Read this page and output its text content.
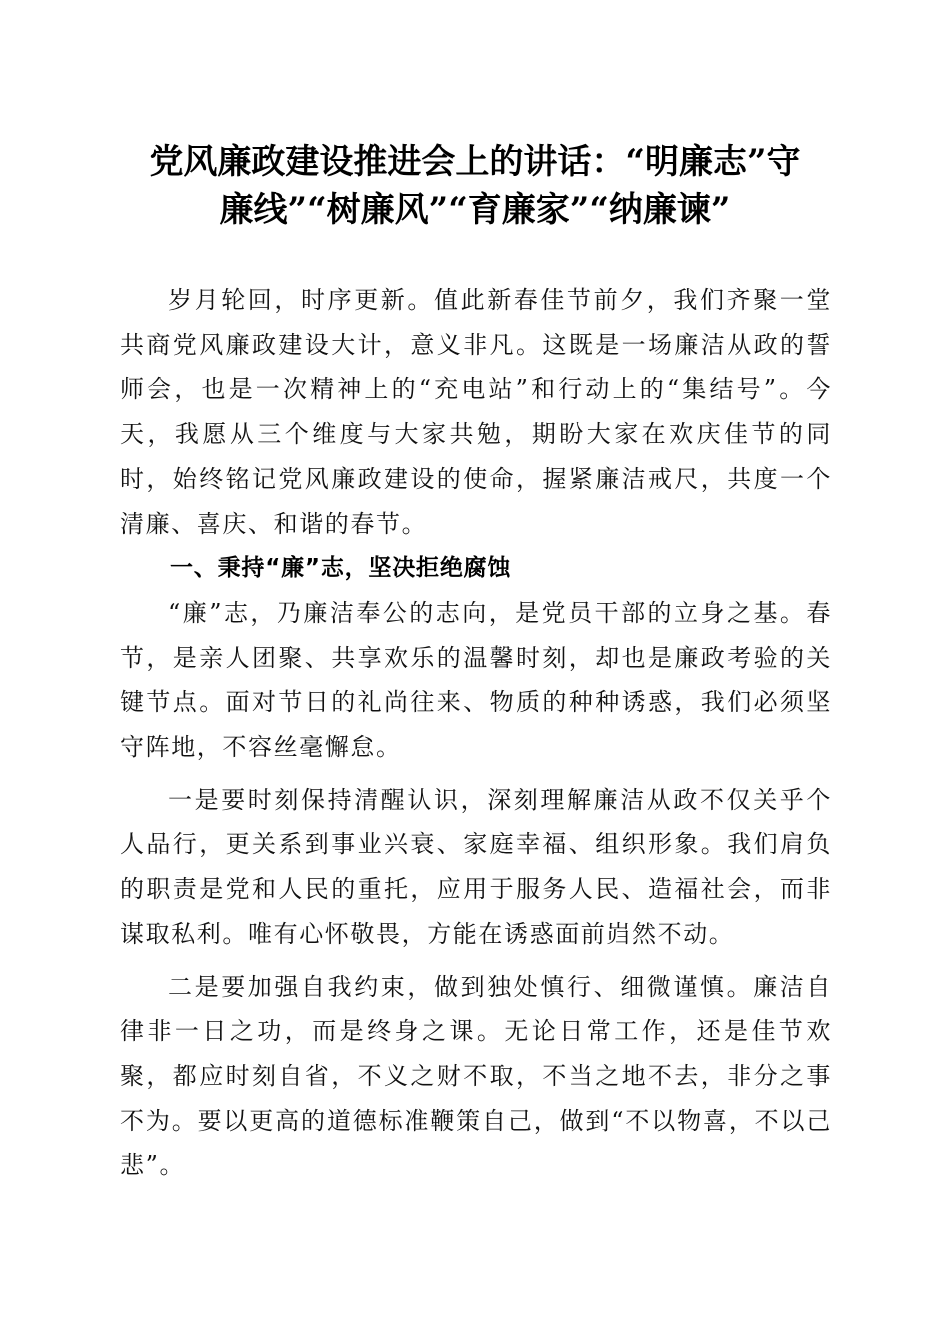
党风廉政建设推进会上的讲话：“明廉志”守
廉线”“树廉风”“育廉家”“纳廉谏”

岁月轮回，时序更新。值此新春佳节前夕，我们齐聚一堂共商党风廉政建设大计，意义非凡。这既是一场廉洁从政的誓师会，也是一次精神上的“充电站”和行动上的“集结号”。今天，我愿从三个维度与大家共勉，期盼大家在欢庆佳节的同时，始终铭记党风廉政建设的使命，握紧廉洁戒尺，共度一个清廉、喜庆、和谐的春节。

一、秉持“廉”志，坚决拒绝腐蚀

“廉”志，乃廉洁奉公的志向，是党员干部的立身之基。春节，是亲人团聚、共享欢乐的温馨时刻，却也是廉政考验的关键节点。面对节日的礼尚往来、物质的种种诱惑，我们必须坚守阵地，不容丝毫懈怠。

一是要时刻保持清醒认识，深刻理解廉洁从政不仅关乎个人品行，更关系到事业兴衰、家庭幸福、组织形象。我们肩负的职责是党和人民的重托，应用于服务人民、造福社会，而非谋取私利。唯有心怀敬畏，方能在诱惑面前岿然不动。

二是要加强自我约束，做到独处慎行、细微谨慎。廉洁自律非一日之功，而是终身之课。无论日常工作，还是佳节欢聚，都应时刻自省，不义之财不取，不当之地不去，非分之事不为。要以更高的道德标准鞭策自己，做到“不以物喜，不以己悲”。
